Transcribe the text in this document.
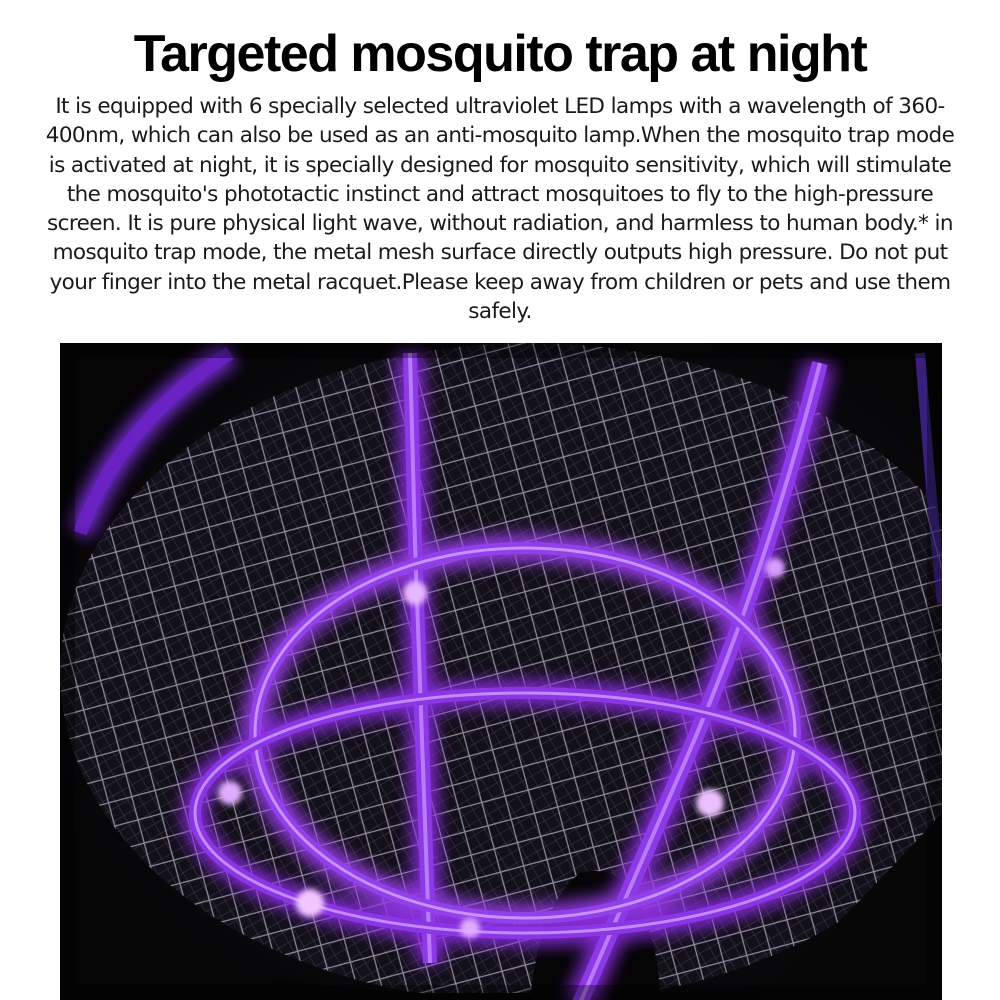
Targeted mosquito trap at night

It is equipped with 6 specially selected ultraviolet LED lamps with a wavelength of 360-400nm, which can also be used as an anti-mosquito lamp.When the mosquito trap mode is activated at night, it is specially designed for mosquito sensitivity, which will stimulate the mosquito's phototactic instinct and attract mosquitoes to fly to the high-pressure screen. It is pure physical light wave, without radiation, and harmless to human body.* in mosquito trap mode, the metal mesh surface directly outputs high pressure. Do not put your finger into the metal racquet.Please keep away from children or pets and use them safely.
